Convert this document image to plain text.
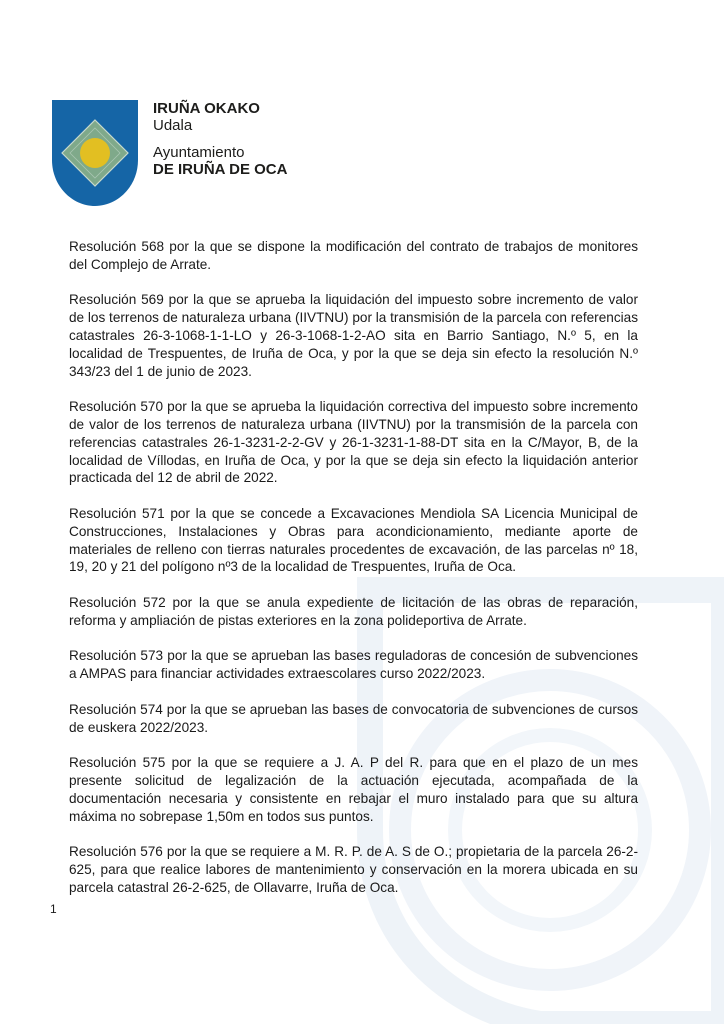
IRUÑA OKAKO
Udala
Ayuntamiento
DE IRUÑA DE OCA

Resolución 568 por la que se dispone la modificación del contrato de trabajos de monitores del Complejo de Arrate.

Resolución 569 por la que se aprueba la liquidación del impuesto sobre incremento de valor de los terrenos de naturaleza urbana (IIVTNU) por la transmisión de la parcela con referencias catastrales 26-3-1068-1-1-LO y 26-3-1068-1-2-AO sita en Barrio Santiago, N.º 5, en la localidad de Trespuentes, de Iruña de Oca, y por la que se deja sin efecto la resolución N.º 343/23 del 1 de junio de 2023.

Resolución 570 por la que se aprueba la liquidación correctiva del impuesto sobre incremento de valor de los terrenos de naturaleza urbana (IIVTNU) por la transmisión de la parcela con referencias catastrales 26-1-3231-2-2-GV y 26-1-3231-1-88-DT sita en la C/Mayor, B, de la localidad de Víllodas, en Iruña de Oca, y por la que se deja sin efecto la liquidación anterior practicada del 12 de abril de 2022.

Resolución 571 por la que se concede a Excavaciones Mendiola SA Licencia Municipal de Construcciones, Instalaciones y Obras para acondicionamiento, mediante aporte de materiales de relleno con tierras naturales procedentes de excavación, de las parcelas nº 18, 19, 20 y 21 del polígono nº3 de la localidad de Trespuentes, Iruña de Oca.

Resolución 572 por la que se anula expediente de licitación de las obras de reparación, reforma y ampliación de pistas exteriores en la zona polideportiva de Arrate.

Resolución 573 por la que se aprueban las bases reguladoras de concesión de subvenciones a AMPAS para financiar actividades extraescolares curso 2022/2023.

Resolución 574 por la que se aprueban las bases de convocatoria de subvenciones de cursos de euskera 2022/2023.

Resolución 575 por la que se requiere a J. A. P del R. para que en el plazo de un mes presente solicitud de legalización de la actuación ejecutada, acompañada de la documentación necesaria y consistente en rebajar el muro instalado para que su altura máxima no sobrepase 1,50m en todos sus puntos.

Resolución 576 por la que se requiere a M. R. P. de A. S de O.; propietaria de la parcela 26-2-625, para que realice labores de mantenimiento y conservación en la morera ubicada en su parcela catastral 26-2-625, de Ollavarre, Iruña de Oca.

1
